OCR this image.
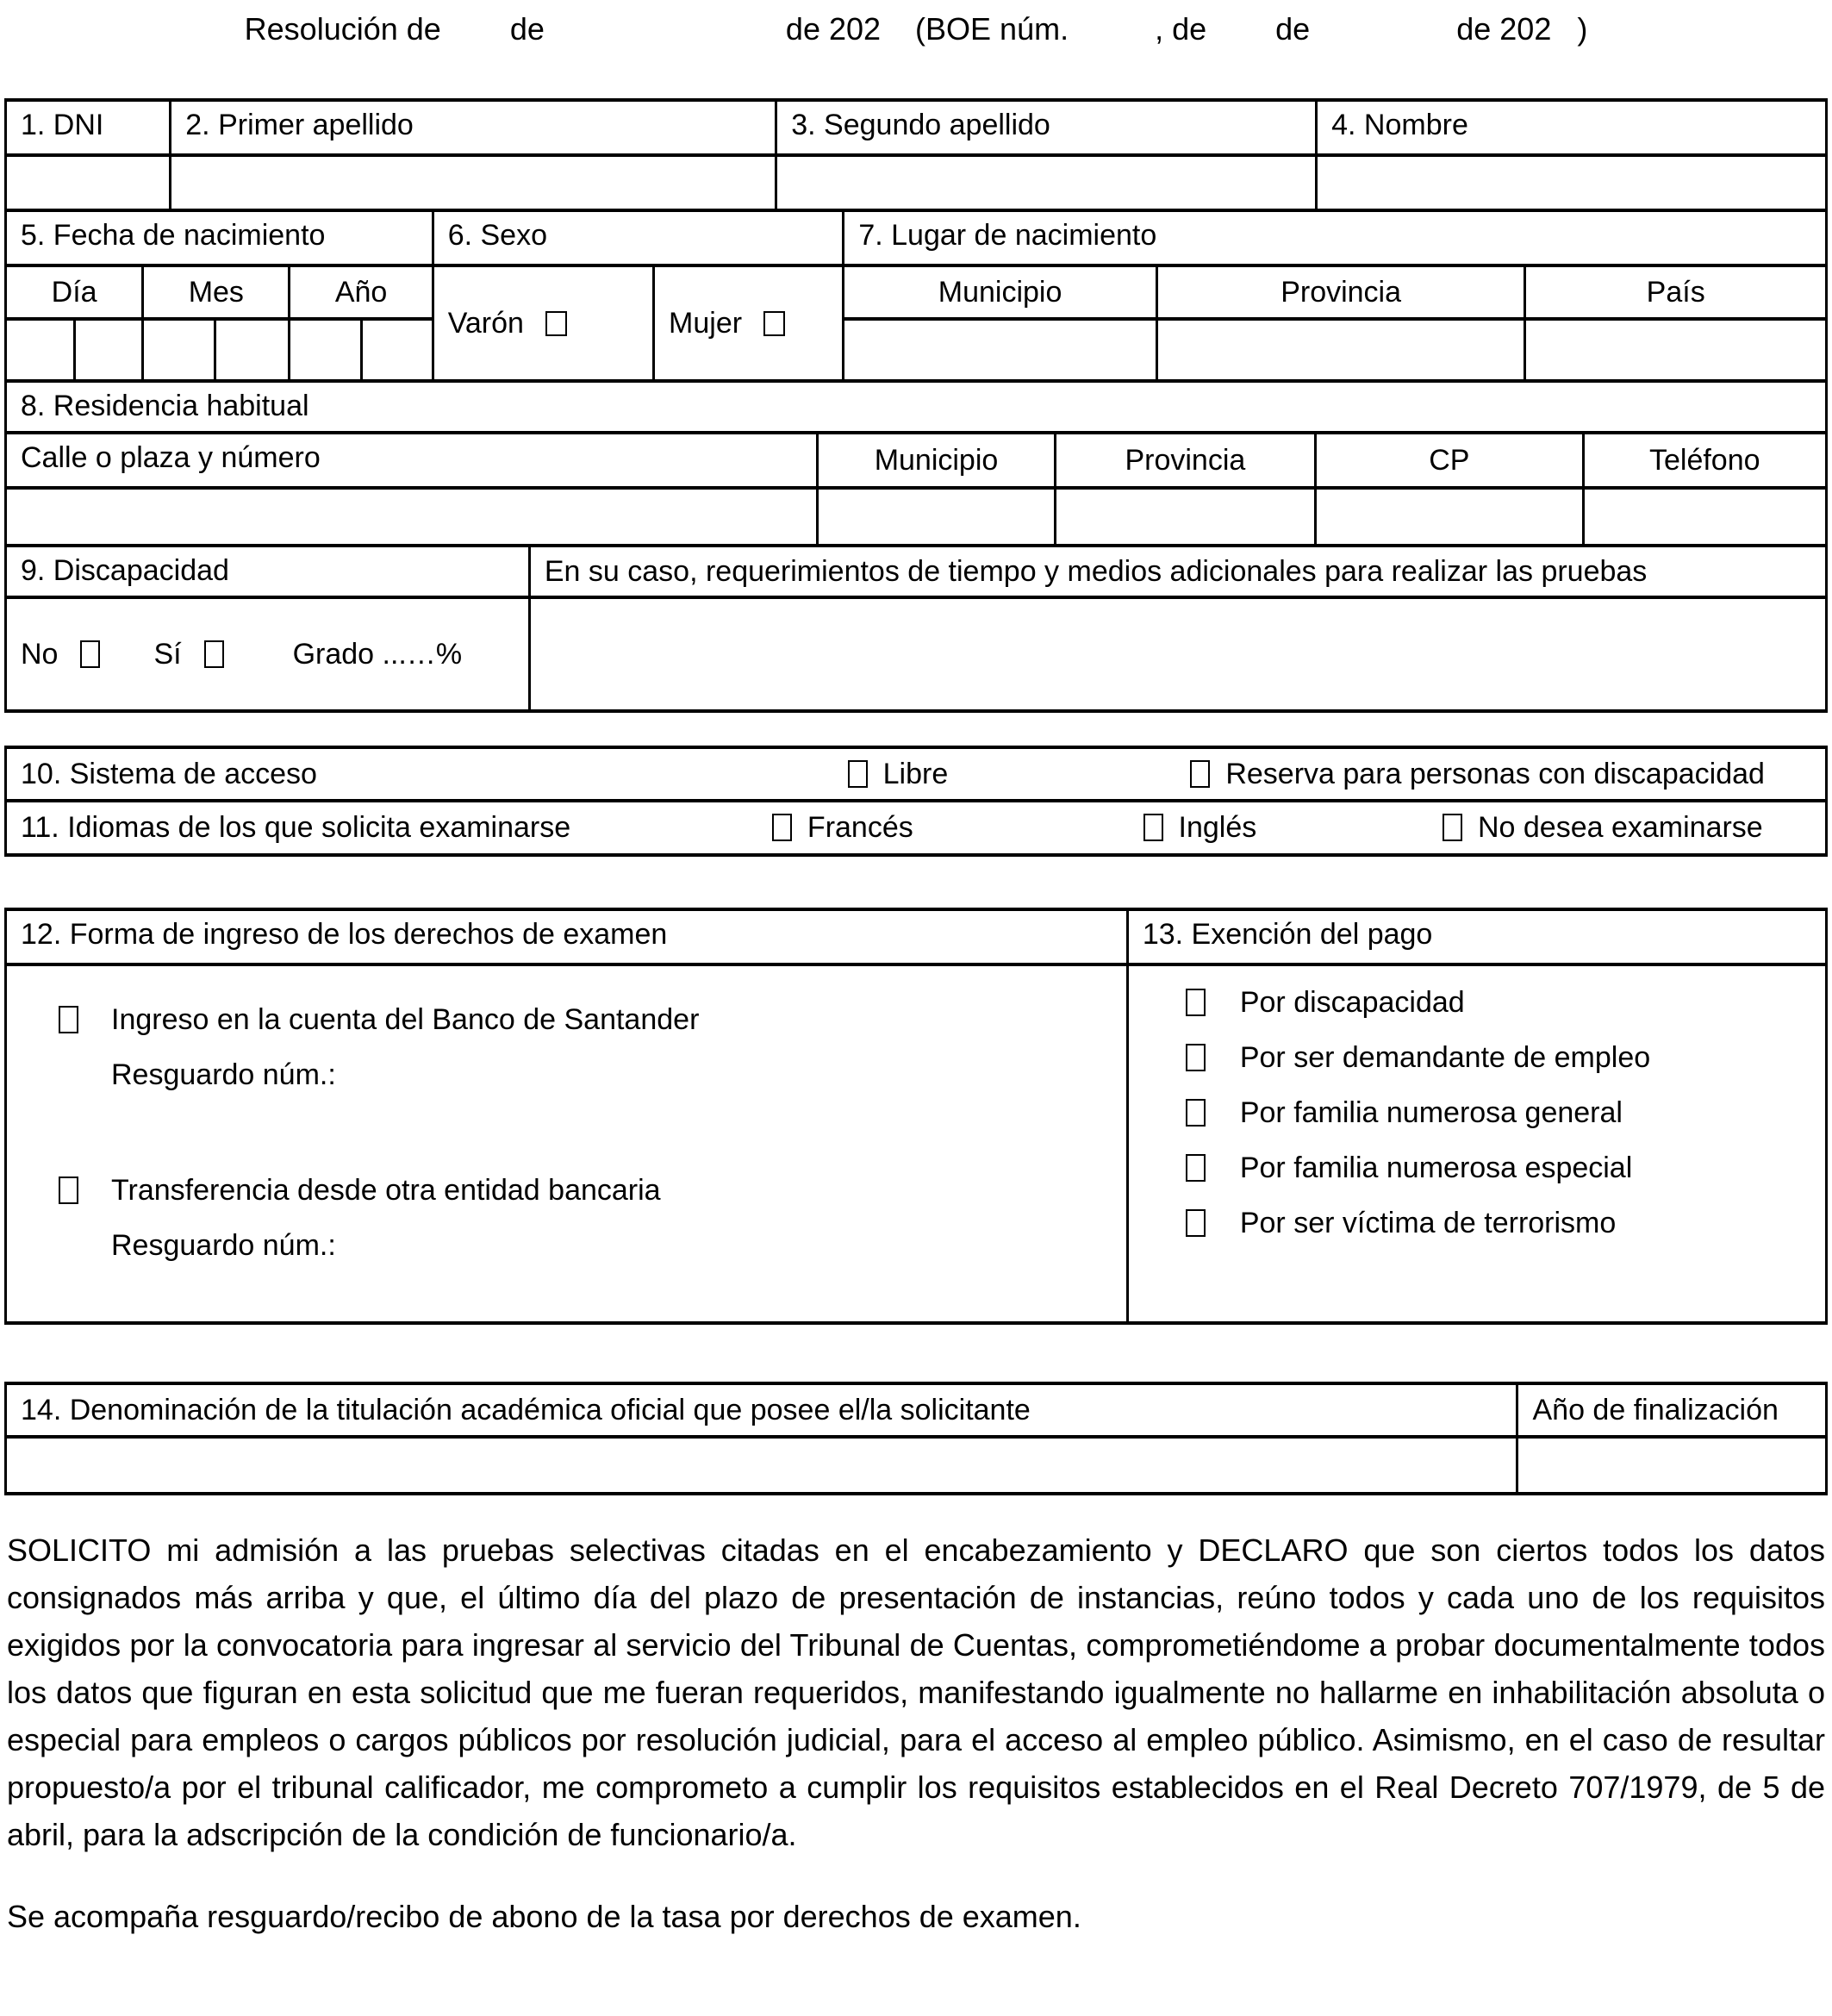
Resolución de        de                            de 202    (BOE núm.          , de        de                 de 202   )
1. DNI	2. Primer apellido	3. Segundo apellido	4. Nombre

5. Fecha de nacimiento						6. Sexo		7. Lugar de nacimiento		
Día		Mes		Año		Varón	Mujer	Municipio	Provincia	País

8. Residencia habitual				
Calle o plaza y número	Municipio	Provincia	CP	Teléfono

9. Discapacidad	En su caso, requerimientos de tiempo y medios adicionales para realizar las pruebas

No Sí Grado ...…%	

10. Sistema de acceso	Libre		Reserva para personas con discapacidad	
11. Idiomas de los que solicita examinarse	Francés	Inglés		No desea examinarse
12. Forma de ingreso de los derechos de examen	13. Exención del pago

Ingreso en la cuenta del Banco de Santander
Resguardo núm.:
Transferencia desde otra entidad bancaria
Resguardo núm.:

Por discapacidad
Por ser demandante de empleo
Por familia numerosa general
Por familia numerosa especial
Por ser víctima de terrorismo
14. Denominación de la titulación académica oficial que posee el/la solicitante	Año de finalización

SOLICITO mi admisión a las pruebas selectivas citadas en el encabezamiento y DECLARO que son ciertos todos los datos consignados más arriba y que, el último día del plazo de presentación de instancias, reúno todos y cada uno de los requisitos exigidos por la convocatoria para ingresar al servicio del Tribunal de Cuentas, comprometiéndome a probar documentalmente todos los datos que figuran en esta solicitud que me fueran requeridos, manifestando igualmente no hallarme en inhabilitación absoluta o especial para empleos o cargos públicos por resolución judicial, para el acceso al empleo público. Asimismo, en el caso de resultar propuesto/a por el tribunal calificador, me comprometo a cumplir los requisitos establecidos en el Real Decreto 707/1979, de 5 de abril, para la adscripción de la condición de funcionario/a.

Se acompaña resguardo/recibo de abono de la tasa por derechos de examen.
